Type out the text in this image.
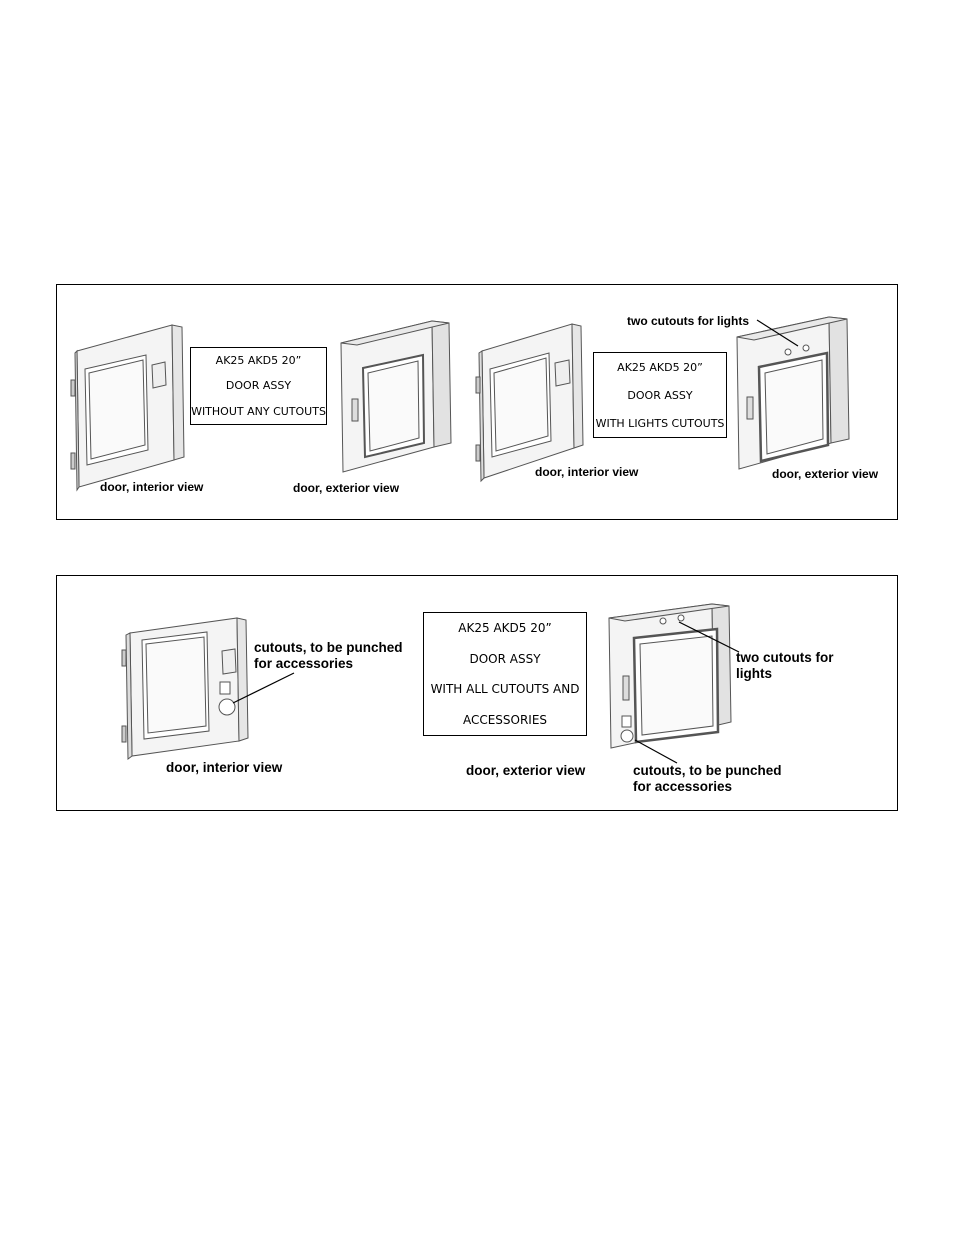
AK25 AKD5 20”
DOOR ASSY
WITHOUT ANY CUTOUTS
AK25 AKD5 20”
DOOR ASSY
WITH LIGHTS CUTOUTS
door, interior view	door, exterior view
door, interior view	door, exterior view
two cutouts for lights
AK25 AKD5 20”
DOOR ASSY
WITH ALL CUTOUTS AND
ACCESSORIES
cutouts, to be punched
for accessories	two cutouts for
lights
cutouts, to be punched
for accessories
door, interior view	door, exterior view
